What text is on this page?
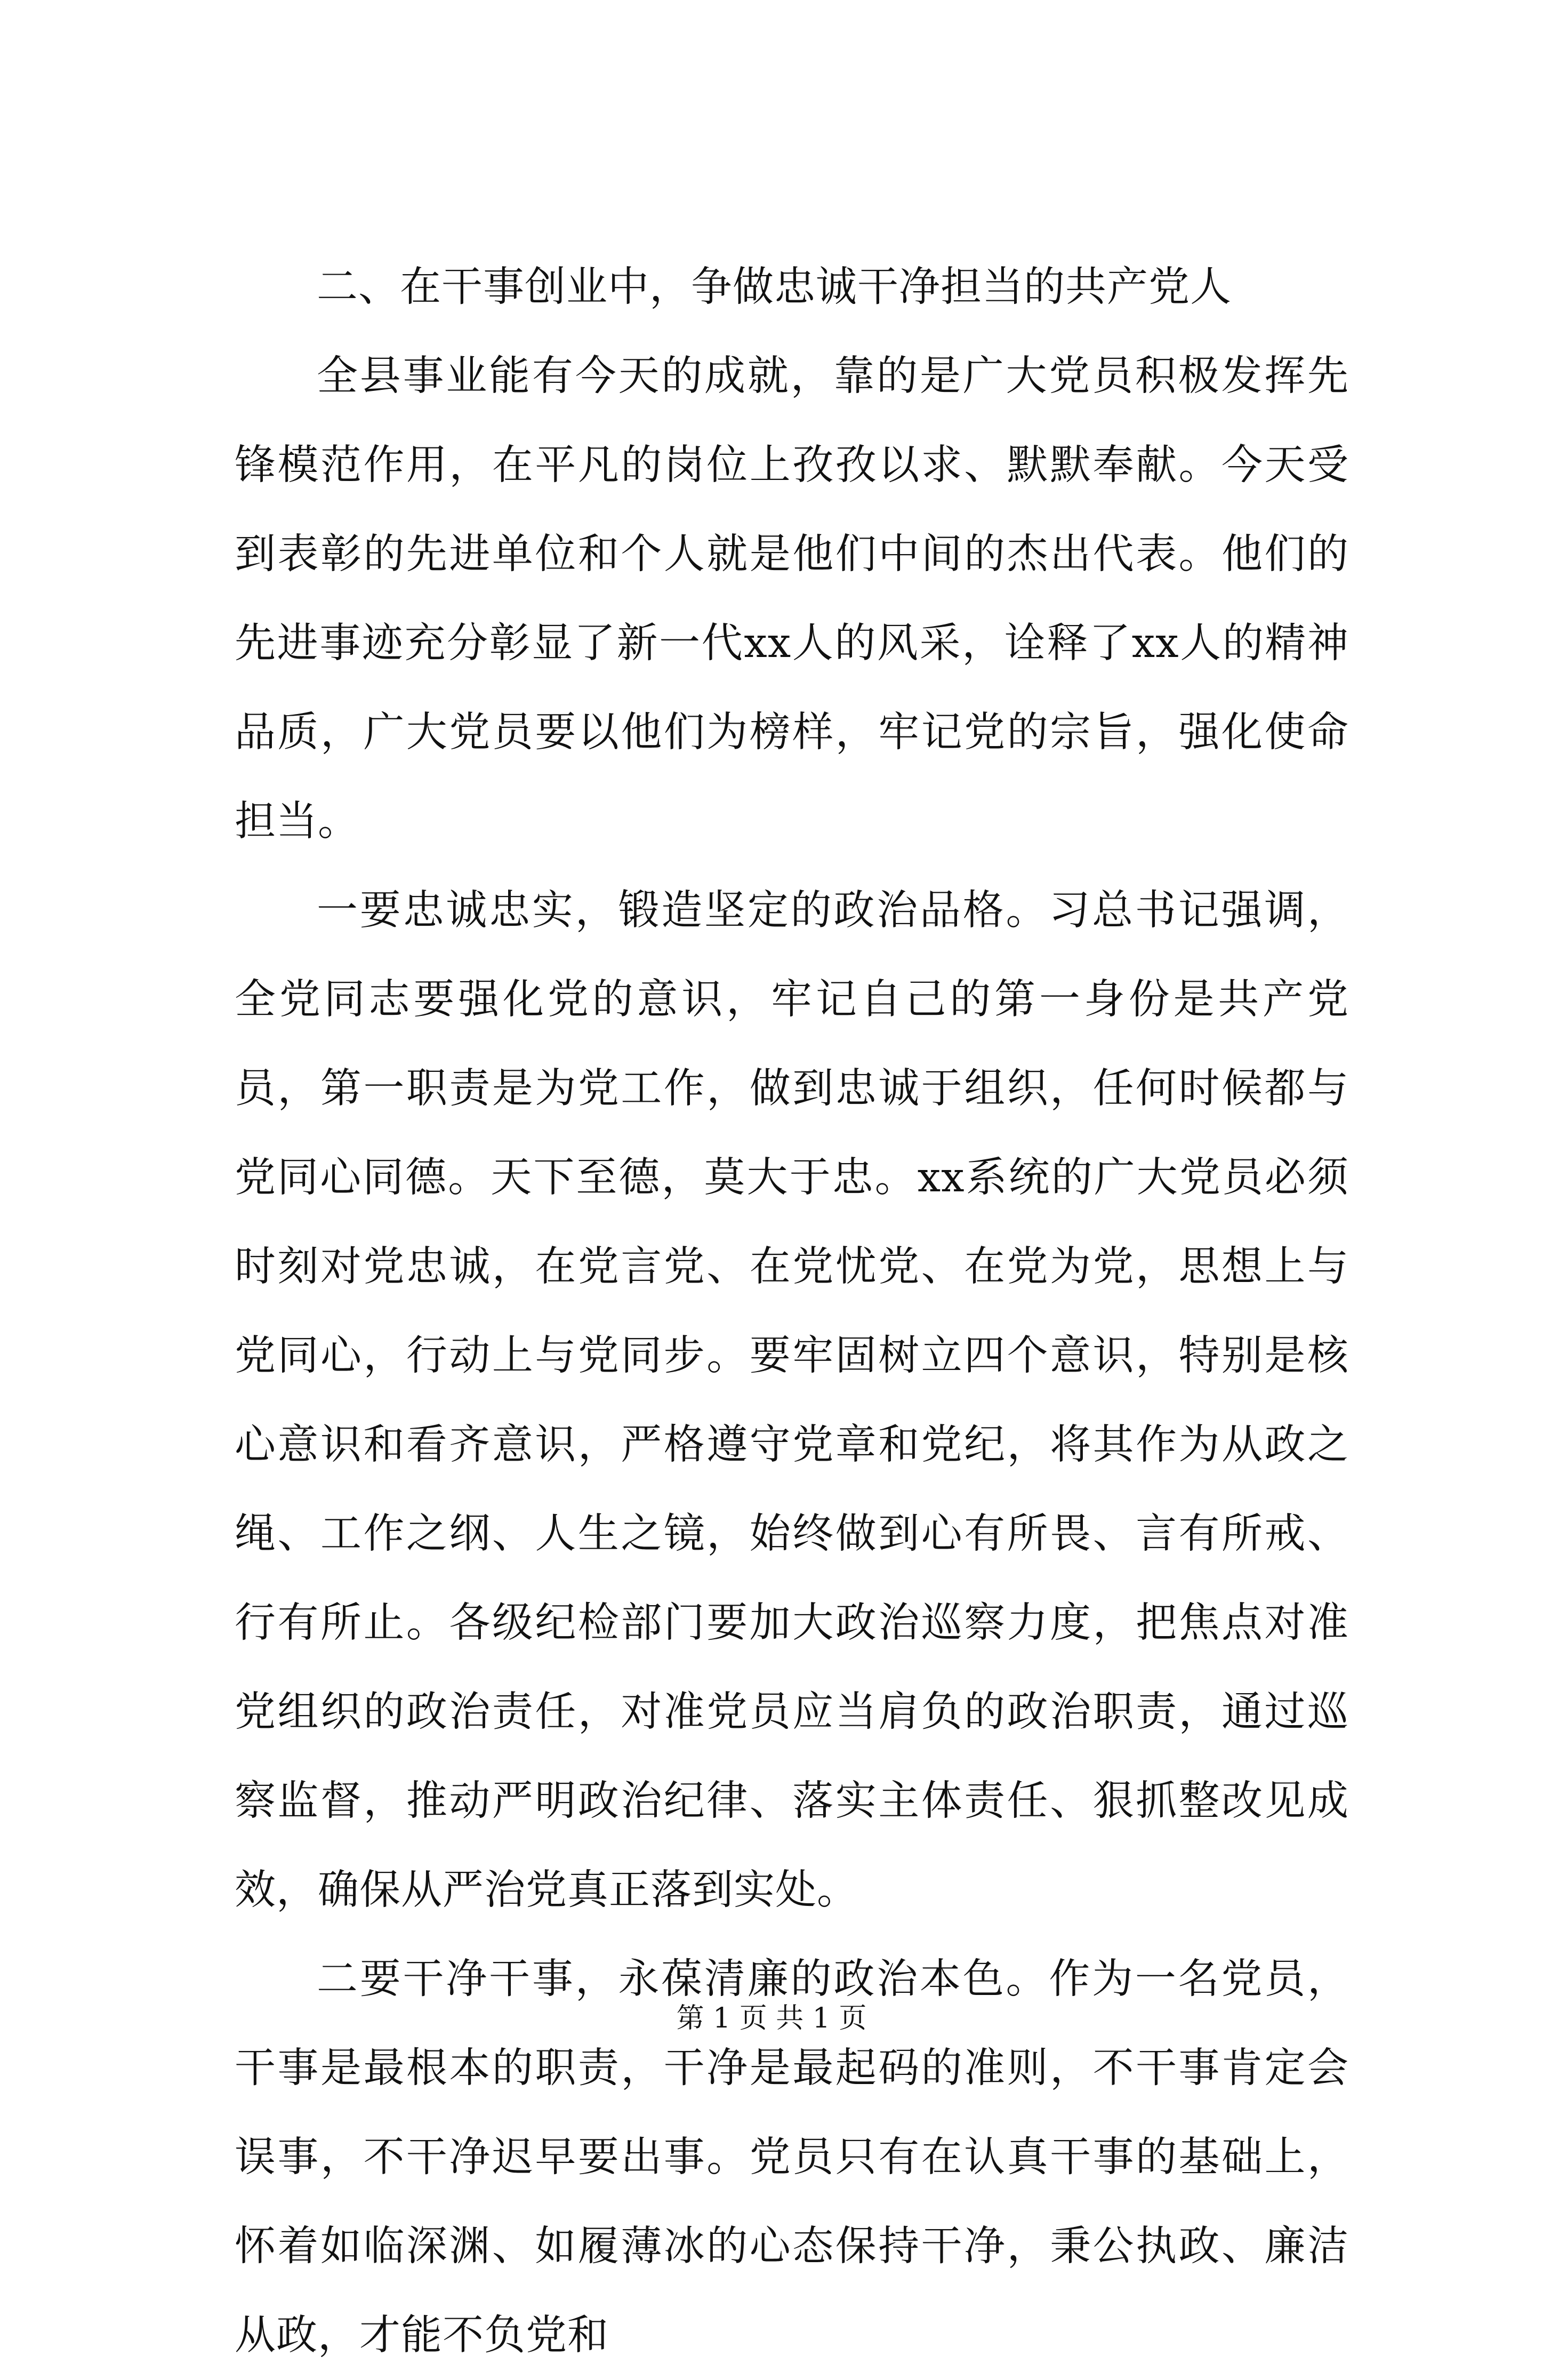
二、在干事创业中，争做忠诚干净担当的共产党人

全县事业能有今天的成就，靠的是广大党员积极发挥先锋模范作用，在平凡的岗位上孜孜以求、默默奉献。今天受到表彰的先进单位和个人就是他们中间的杰出代表。他们的先进事迹充分彰显了新一代xx人的风采，诠释了xx人的精神品质，广大党员要以他们为榜样，牢记党的宗旨，强化使命担当。

一要忠诚忠实，锻造坚定的政治品格。习总书记强调，全党同志要强化党的意识，牢记自己的第一身份是共产党员，第一职责是为党工作，做到忠诚于组织，任何时候都与党同心同德。天下至德，莫大于忠。xx系统的广大党员必须时刻对党忠诚，在党言党、在党忧党、在党为党，思想上与党同心，行动上与党同步。要牢固树立四个意识，特别是核心意识和看齐意识，严格遵守党章和党纪，将其作为从政之绳、工作之纲、人生之镜，始终做到心有所畏、言有所戒、行有所止。各级纪检部门要加大政治巡察力度，把焦点对准党组织的政治责任，对准党员应当肩负的政治职责，通过巡察监督，推动严明政治纪律、落实主体责任、狠抓整改见成效，确保从严治党真正落到实处。

二要干净干事，永葆清廉的政治本色。作为一名党员，干事是最根本的职责，干净是最起码的准则，不干事肯定会误事，不干净迟早要出事。党员只有在认真干事的基础上，怀着如临深渊、如履薄冰的心态保持干净，秉公执政、廉洁从政，才能不负党和

第 1 页 共 1 页
